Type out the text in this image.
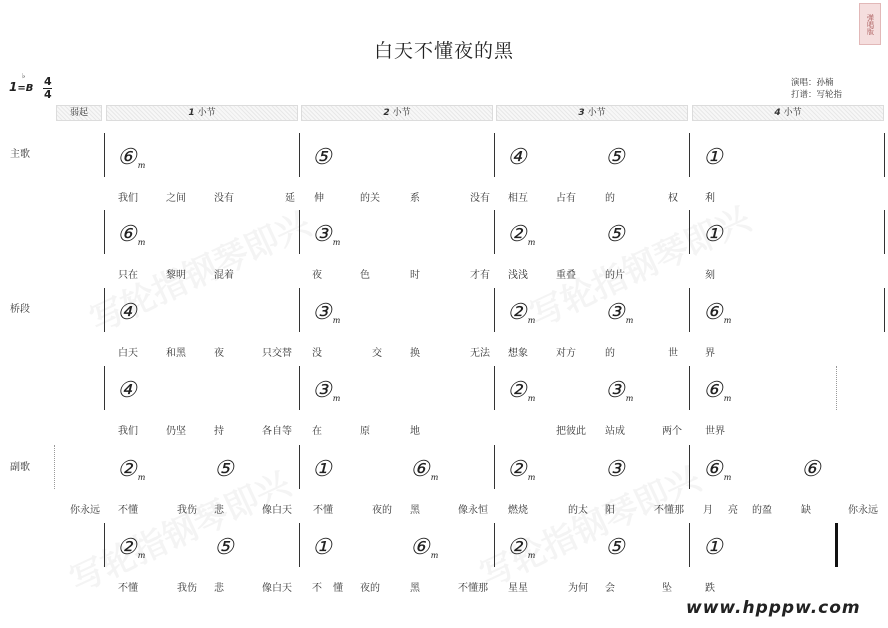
白天不懂夜的黑
弹唱版
♭
1=B
4
4
演唱：孙楠
打谱：写轮指
弱起	1 小节	2 小节	3 小节	4 小节
主歌
桥段
副歌
$⑥_m$	⑤	④	⑤	①
我们	之间	没有	延 伸	的关	系	没有 相互	占有	的	权	利
$⑥_m$	$③_m$	$②_m$	⑤	①
只在	黎明	混着	夜	色	时	才有 浅浅	重叠	的片	刻
④	$③_m$	$②_m$	$③_m$	$⑥_m$
白天	和黑	夜	只交替 没	交	换	无法 想象	对方	的	世	界
④	$③_m$	$②_m$	$③_m$	$⑥_m$
我们	仍坚	持	各自等 在	原	地	把彼此 站成	两个 世界
$②_m$	⑤	①	$⑥_m$	$②_m$	③	$⑥_m$	⑥
你永远 不懂	我伤 悲	像白天 不懂	夜的 黑	像永恒 燃烧	的太 阳	不懂那 月 亮 的盈	缺	你永远
$②_m$	⑤	①	$⑥_m$	$②_m$	⑤	①
不懂	我伤 悲	像白天 不 懂 夜的	黑	不懂那 星星	为何 会	坠	跌
www.hpppw.com
